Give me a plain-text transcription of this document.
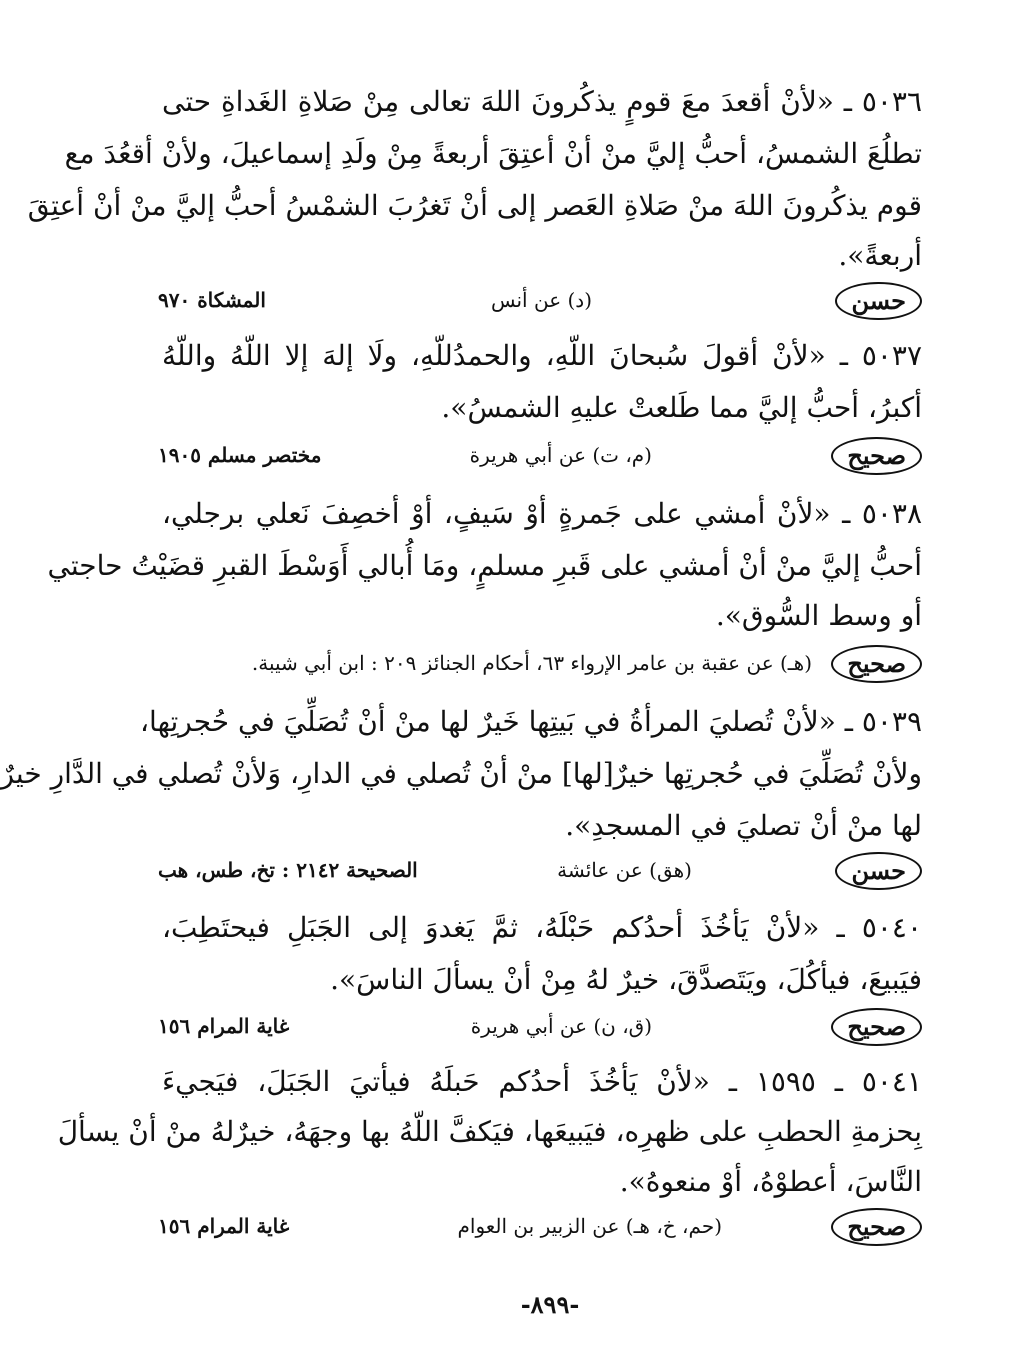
٥٠٣٦ ـ «لأنْ أقعدَ معَ قومٍ يذكُرونَ اللهَ تعالى مِنْ صَلاةِ الغَداةِ حتى
تطلُعَ الشمسُ، أحبُّ إليَّ منْ أنْ أعتِقَ أربعةً مِنْ ولَدِ إسماعيلَ، ولأنْ أقعُدَ مع
قوم يذكُرونَ اللهَ منْ صَلاةِ العَصر إلى أنْ تَغرُبَ الشمْسُ أحبُّ إليَّ منْ أنْ أعتِقَ
أربعةً».
حسن
(د) عن أنس
المشكاة ٩٧٠
٥٠٣٧ ـ «لأنْ أقولَ سُبحانَ اللّهِ، والحمدُللّهِ، ولَا إلهَ إلا اللّهُ واللّهُ
أكبرُ، أحبُّ إليَّ مما طَلعتْ عليهِ الشمسُ».
صحيح
(م، ت) عن أبي هريرة
مختصر مسلم ١٩٠٥
٥٠٣٨ ـ «لأنْ أمشي على جَمرةٍ أوْ سَيفٍ، أوْ أخصِفَ نَعلي برجلي،
أحبُّ إليَّ منْ أنْ أمشي على قَبرِ مسلمٍ، ومَا أُبالي أَوَسْطَ القبرِ قضَيْتُ حاجتي
أو وسط السُّوق».
صحيح
(هـ) عن عقبة بن عامر الإرواء ٦٣، أحكام الجنائز ٢٠٩ : ابن أبي شيبة.
٥٠٣٩ ـ «لأنْ تُصليَ المرأةُ في بَيتِها خَيرٌ لها منْ أنْ تُصَلِّيَ في حُجرتِها،
ولأنْ تُصَلِّيَ في حُجرتِها خيرٌ[لها] منْ أنْ تُصلي في الدارِ، وَلأنْ تُصلي في الدَّارِ خيرٌ
لها منْ أنْ تصليَ في المسجدِ».
حسن
(هق) عن عائشة
الصحيحة ٢١٤٢ : تخ، طس، هب
٥٠٤٠ ـ «لأنْ يَأخُذَ أحدُكم حَبْلَهُ، ثمَّ يَغدوَ إلى الجَبَلِ فيحتَطِبَ،
فيَبيعَ، فيأكُلَ، ويَتَصدَّقَ، خيرٌ لهُ مِنْ أنْ يسألَ الناسَ».
صحيح
(ق، ن) عن أبي هريرة
غاية المرام ١٥٦
٥٠٤١ ـ ١٥٩٥ ـ «لأنْ يَأخُذَ أحدُكم حَبلَهُ فيأتيَ الجَبَلَ، فيَجيءَ
بِحزمةِ الحطبِ على ظهرِه، فيَبيعَها، فيَكفَّ اللّهُ بها وجهَهُ، خيرٌلهُ منْ أنْ يسألَ
النَّاسَ، أعطوْهُ، أوْ منعوهُ».
صحيح
(حم، خ، هـ) عن الزبير بن العوام
غاية المرام ١٥٦
-٨٩٩-
